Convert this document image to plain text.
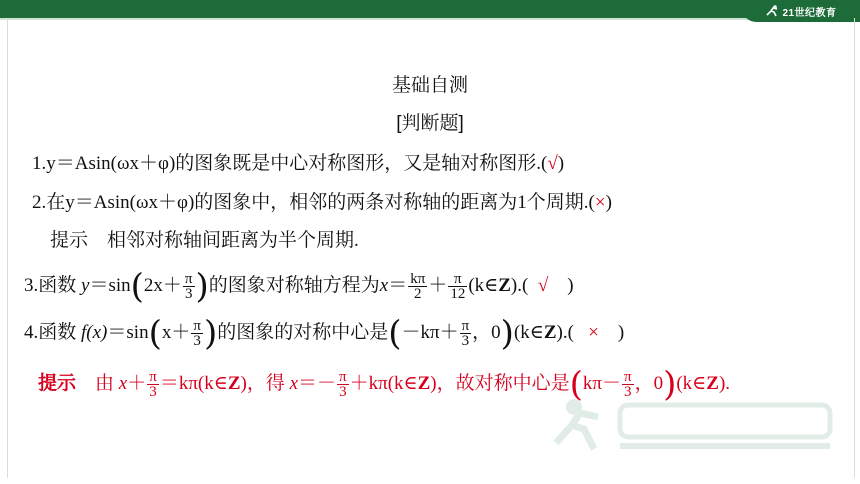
21世纪教育
基础自测
[判断题]
1.y＝Asin(ωx＋φ)的图象既是中心对称图形，又是轴对称图形.(√)
2.在y＝Asin(ωx＋φ)的图象中，相邻的两条对称轴的距离为1个周期.(×)
提示 相邻对称轴间距离为半个周期.
3.函数 $y=\sin(2x+ \frac{\pi}{3}$ )的图象对称轴方程为$x= \frac{k\pi}{2} + \frac{\pi}{12}$ (k∈Z).( √ )
4.函数 $f(x)=\sin(x+ \frac{\pi}{3}$ )的图象的对称中心是($-k\pi+ \frac{\pi}{3}$ ，0)(k∈Z).( × )
提示 由 $x+ \frac{\pi}{3}$ ＝kπ(k∈Z)，得 $x=- \frac{\pi}{3}$ ＋kπ(k∈Z)，故对称中心是($k\pi- \frac{\pi}{3}$ ，0)(k∈Z).
